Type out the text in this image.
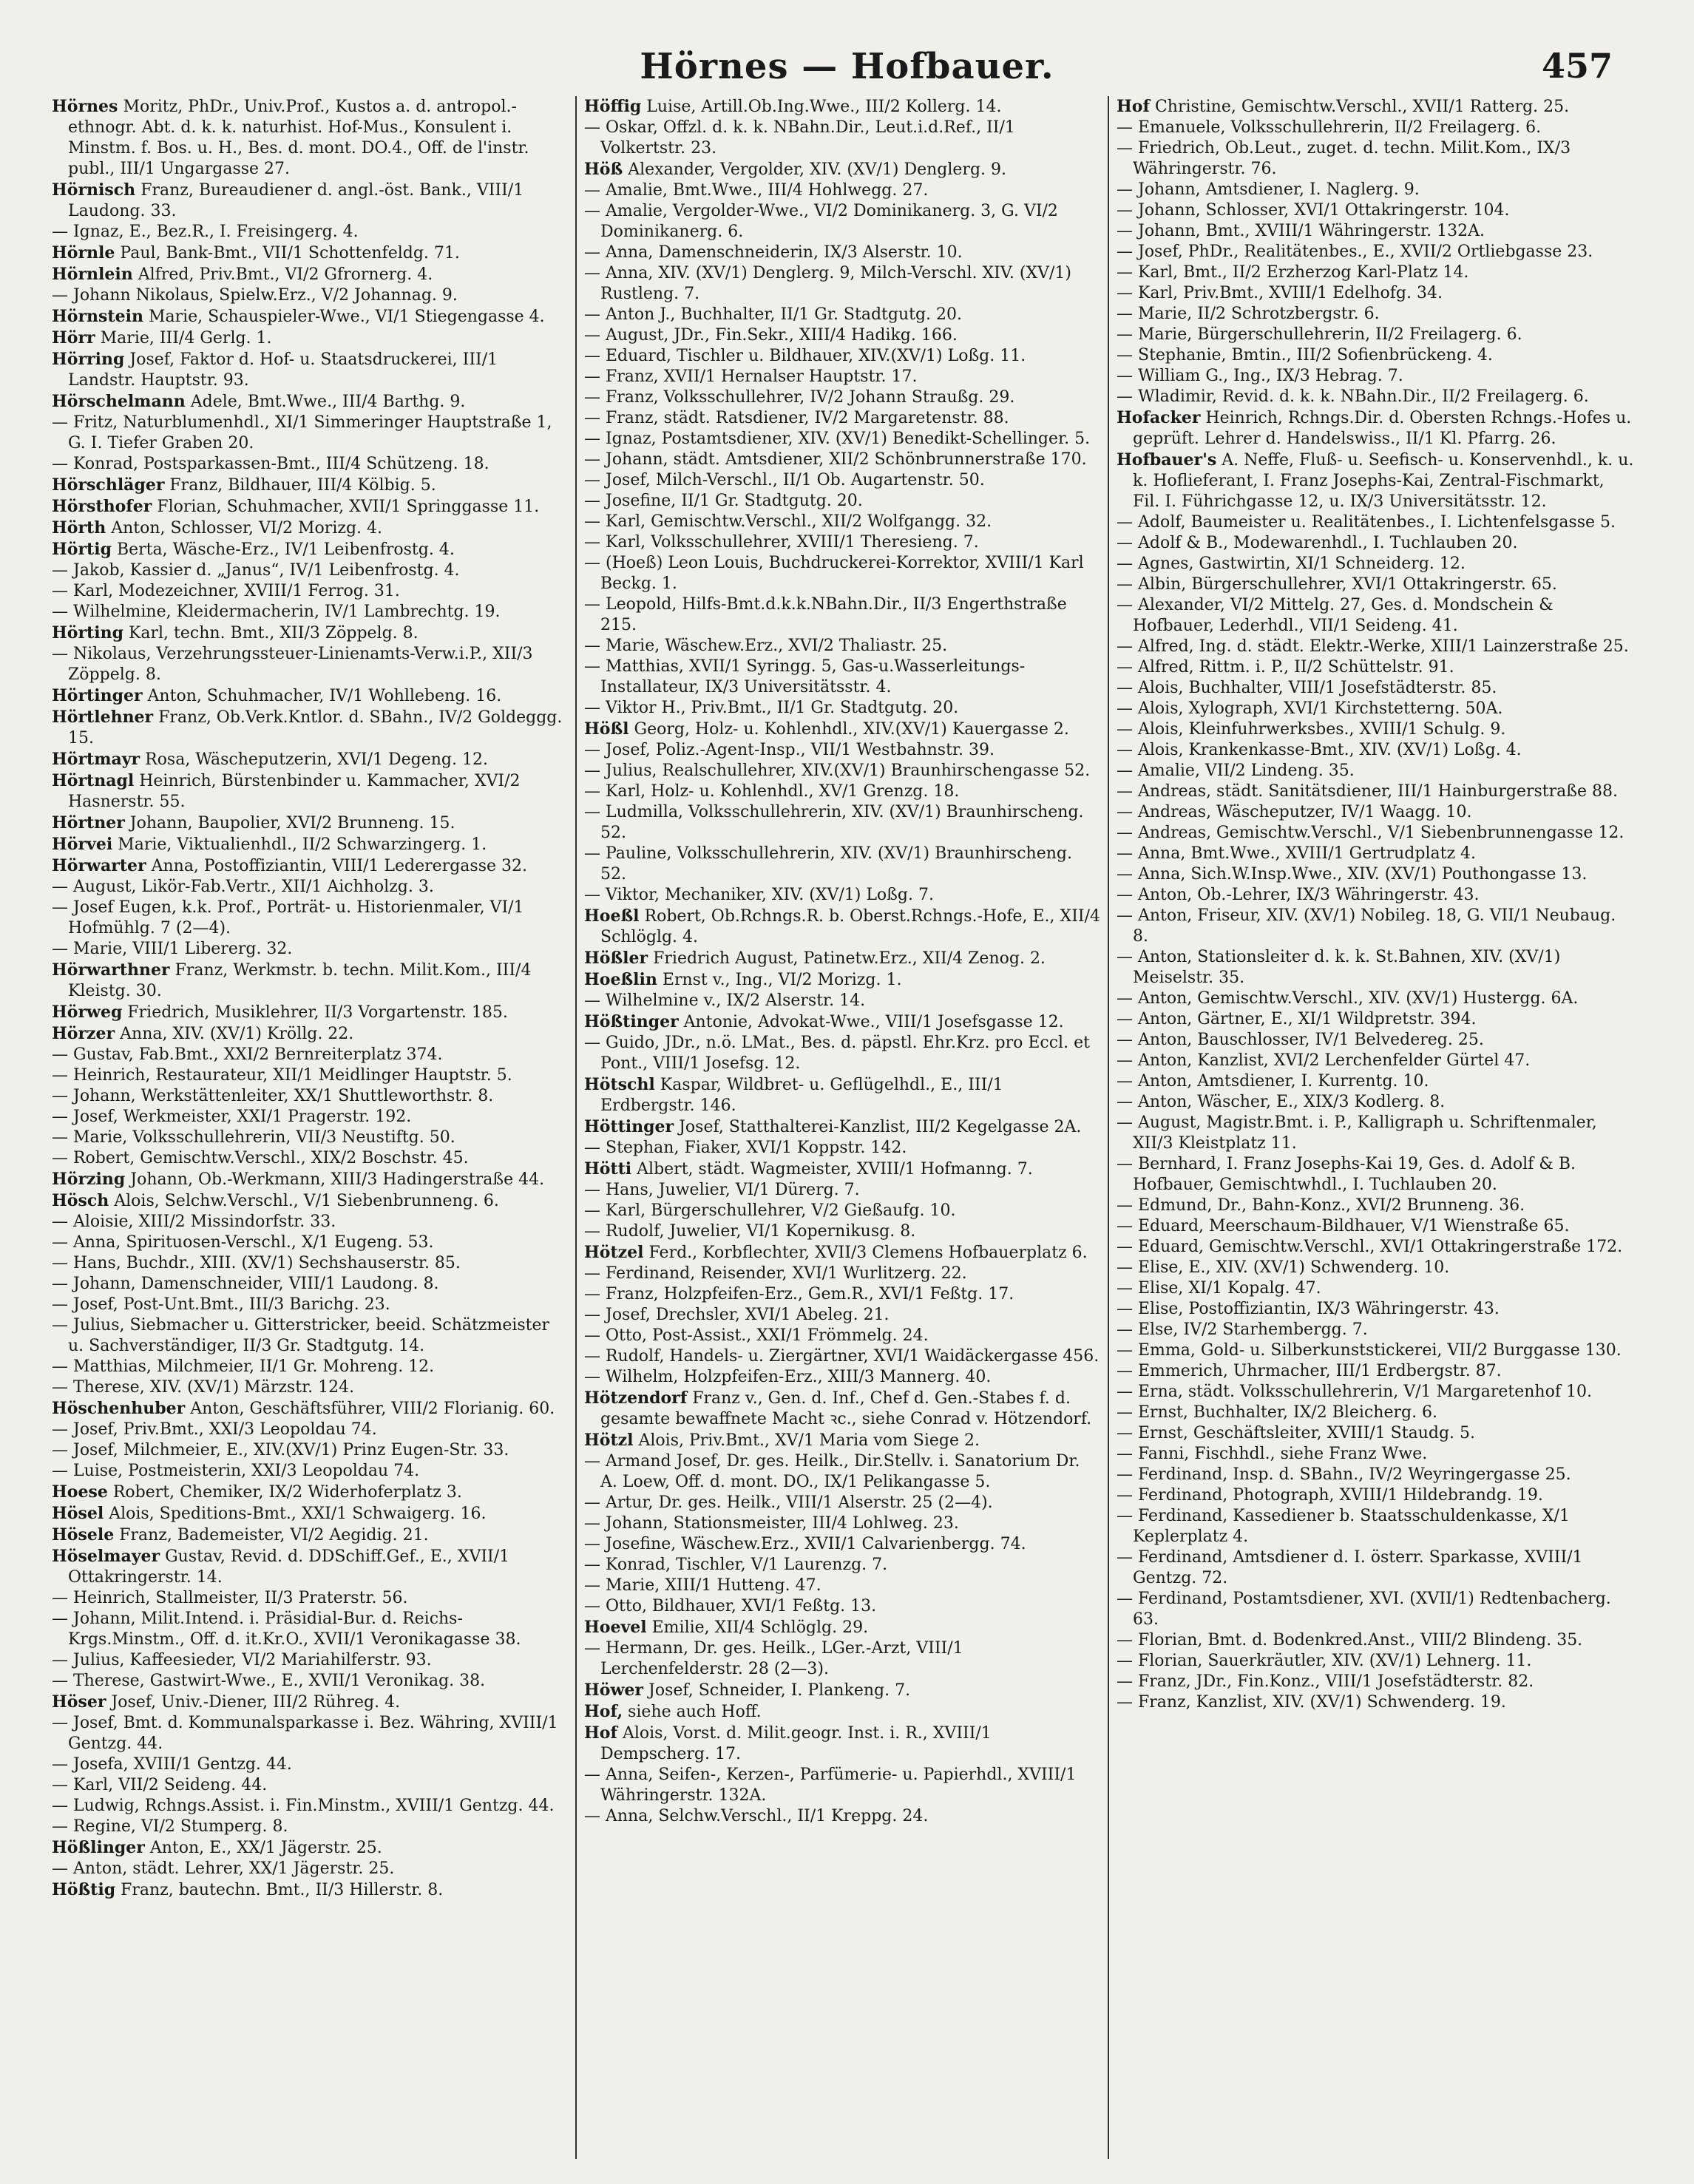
Hörnes — Hofbauer.	457

Hörnes Moritz, PhDr., Univ.Prof., Kustos a. d. antropol.-ethnogr. Abt. d. k. k. naturhist. Hof-Mus., Konsulent i. Minstm. f. Bos. u. H., Bes. d. mont. DO.4., Off. de l'instr. publ., III/1 Ungargasse 27.

Hörnisch Franz, Bureaudiener d. angl.-öst. Bank., VIII/1 Laudong. 33.

— Ignaz, E., Bez.R., I. Freisingerg. 4.

Hörnle Paul, Bank-Bmt., VII/1 Schottenfeldg. 71.

Hörnlein Alfred, Priv.Bmt., VI/2 Gfrornerg. 4.

— Johann Nikolaus, Spielw.Erz., V/2 Johannag. 9.

Hörnstein Marie, Schauspieler-Wwe., VI/1 Stiegengasse 4.

Hörr Marie, III/4 Gerlg. 1.

Hörring Josef, Faktor d. Hof- u. Staatsdruckerei, III/1 Landstr. Hauptstr. 93.

Hörschelmann Adele, Bmt.Wwe., III/4 Barthg. 9.

— Fritz, Naturblumenhdl., XI/1 Simmeringer Hauptstraße 1, G. I. Tiefer Graben 20.

— Konrad, Postsparkassen-Bmt., III/4 Schützeng. 18.

Hörschläger Franz, Bildhauer, III/4 Kölbig. 5.

Hörsthofer Florian, Schuhmacher, XVII/1 Springgasse 11.

Hörth Anton, Schlosser, VI/2 Morizg. 4.

Hörtig Berta, Wäsche-Erz., IV/1 Leibenfrostg. 4.

— Jakob, Kassier d. „Janus“, IV/1 Leibenfrostg. 4.

— Karl, Modezeichner, XVIII/1 Ferrog. 31.

— Wilhelmine, Kleidermacherin, IV/1 Lambrechtg. 19.

Hörting Karl, techn. Bmt., XII/3 Zöppelg. 8.

— Nikolaus, Verzehrungssteuer-Linienamts-Verw.i.P., XII/3 Zöppelg. 8.

Hörtinger Anton, Schuhmacher, IV/1 Wohllebeng. 16.

Hörtlehner Franz, Ob.Verk.Kntlor. d. SBahn., IV/2 Goldeggg. 15.

Hörtmayr Rosa, Wäscheputzerin, XVI/1 Degeng. 12.

Hörtnagl Heinrich, Bürstenbinder u. Kammacher, XVI/2 Hasnerstr. 55.

Hörtner Johann, Baupolier, XVI/2 Brunneng. 15.

Hörvei Marie, Viktualienhdl., II/2 Schwarzingerg. 1.

Hörwarter Anna, Postoffiziantin, VIII/1 Lederergasse 32.

— August, Likör-Fab.Vertr., XII/1 Aichholzg. 3.

— Josef Eugen, k.k. Prof., Porträt- u. Historienmaler, VI/1 Hofmühlg. 7 (2—4).

— Marie, VIII/1 Libererg. 32.

Hörwarthner Franz, Werkmstr. b. techn. Milit.Kom., III/4 Kleistg. 30.

Hörweg Friedrich, Musiklehrer, II/3 Vorgartenstr. 185.

Hörzer Anna, XIV. (XV/1) Kröllg. 22.

— Gustav, Fab.Bmt., XXI/2 Bernreiterplatz 374.

— Heinrich, Restaurateur, XII/1 Meidlinger Hauptstr. 5.

— Johann, Werkstättenleiter, XX/1 Shuttleworthstr. 8.

— Josef, Werkmeister, XXI/1 Pragerstr. 192.

— Marie, Volksschullehrerin, VII/3 Neustiftg. 50.

— Robert, Gemischtw.Verschl., XIX/2 Boschstr. 45.

Hörzing Johann, Ob.-Werkmann, XIII/3 Hadingerstraße 44.

Hösch Alois, Selchw.Verschl., V/1 Siebenbrunneng. 6.

— Aloisie, XIII/2 Missindorfstr. 33.

— Anna, Spirituosen-Verschl., X/1 Eugeng. 53.

— Hans, Buchdr., XIII. (XV/1) Sechshauserstr. 85.

— Johann, Damenschneider, VIII/1 Laudong. 8.

— Josef, Post-Unt.Bmt., III/3 Barichg. 23.

— Julius, Siebmacher u. Gitterstricker, beeid. Schätzmeister u. Sachverständiger, II/3 Gr. Stadtgutg. 14.

— Matthias, Milchmeier, II/1 Gr. Mohreng. 12.

— Therese, XIV. (XV/1) Märzstr. 124.

Höschenhuber Anton, Geschäftsführer, VIII/2 Florianig. 60.

— Josef, Priv.Bmt., XXI/3 Leopoldau 74.

— Josef, Milchmeier, E., XIV.(XV/1) Prinz Eugen-Str. 33.

— Luise, Postmeisterin, XXI/3 Leopoldau 74.

Hoese Robert, Chemiker, IX/2 Widerhoferplatz 3.

Hösel Alois, Speditions-Bmt., XXI/1 Schwaigerg. 16.

Hösele Franz, Bademeister, VI/2 Aegidig. 21.

Höselmayer Gustav, Revid. d. DDSchiff.Gef., E., XVII/1 Ottakringerstr. 14.

— Heinrich, Stallmeister, II/3 Praterstr. 56.

— Johann, Milit.Intend. i. Präsidial-Bur. d. Reichs-Krgs.Minstm., Off. d. it.Kr.O., XVII/1 Veronikagasse 38.

— Julius, Kaffeesieder, VI/2 Mariahilferstr. 93.

— Therese, Gastwirt-Wwe., E., XVII/1 Veronikag. 38.

Höser Josef, Univ.-Diener, III/2 Rühreg. 4.

— Josef, Bmt. d. Kommunalsparkasse i. Bez. Währing, XVIII/1 Gentzg. 44.

— Josefa, XVIII/1 Gentzg. 44.

— Karl, VII/2 Seideng. 44.

— Ludwig, Rchngs.Assist. i. Fin.Minstm., XVIII/1 Gentzg. 44.

— Regine, VI/2 Stumperg. 8.

Hößlinger Anton, E., XX/1 Jägerstr. 25.

— Anton, städt. Lehrer, XX/1 Jägerstr. 25.

Hößtig Franz, bautechn. Bmt., II/3 Hillerstr. 8.

Höffig Luise, Artill.Ob.Ing.Wwe., III/2 Kollerg. 14.

— Oskar, Offzl. d. k. k. NBahn.Dir., Leut.i.d.Ref., II/1 Volkertstr. 23.

Höß Alexander, Vergolder, XIV. (XV/1) Denglerg. 9.

— Amalie, Bmt.Wwe., III/4 Hohlwegg. 27.

— Amalie, Vergolder-Wwe., VI/2 Dominikanerg. 3, G. VI/2 Dominikanerg. 6.

— Anna, Damenschneiderin, IX/3 Alserstr. 10.

— Anna, XIV. (XV/1) Denglerg. 9, Milch-Verschl. XIV. (XV/1) Rustleng. 7.

— Anton J., Buchhalter, II/1 Gr. Stadtgutg. 20.

— August, JDr., Fin.Sekr., XIII/4 Hadikg. 166.

— Eduard, Tischler u. Bildhauer, XIV.(XV/1) Loßg. 11.

— Franz, XVII/1 Hernalser Hauptstr. 17.

— Franz, Volksschullehrer, IV/2 Johann Straußg. 29.

— Franz, städt. Ratsdiener, IV/2 Margaretenstr. 88.

— Ignaz, Postamtsdiener, XIV. (XV/1) Benedikt-Schellinger. 5.

— Johann, städt. Amtsdiener, XII/2 Schönbrunnerstraße 170.

— Josef, Milch-Verschl., II/1 Ob. Augartenstr. 50.

— Josefine, II/1 Gr. Stadtgutg. 20.

— Karl, Gemischtw.Verschl., XII/2 Wolfgangg. 32.

— Karl, Volksschullehrer, XVIII/1 Theresieng. 7.

— (Hoeß) Leon Louis, Buchdruckerei-Korrektor, XVIII/1 Karl Beckg. 1.

— Leopold, Hilfs-Bmt.d.k.k.NBahn.Dir., II/3 Engerthstraße 215.

— Marie, Wäschew.Erz., XVI/2 Thaliastr. 25.

— Matthias, XVII/1 Syringg. 5, Gas-u.Wasserleitungs-Installateur, IX/3 Universitätsstr. 4.

— Viktor H., Priv.Bmt., II/1 Gr. Stadtgutg. 20.

Hößl Georg, Holz- u. Kohlenhdl., XIV.(XV/1) Kauergasse 2.

— Josef, Poliz.-Agent-Insp., VII/1 Westbahnstr. 39.

— Julius, Realschullehrer, XIV.(XV/1) Braunhirschengasse 52.

— Karl, Holz- u. Kohlenhdl., XV/1 Grenzg. 18.

— Ludmilla, Volksschullehrerin, XIV. (XV/1) Braunhirscheng. 52.

— Pauline, Volksschullehrerin, XIV. (XV/1) Braunhirscheng. 52.

— Viktor, Mechaniker, XIV. (XV/1) Loßg. 7.

Hoeßl Robert, Ob.Rchngs.R. b. Oberst.Rchngs.-Hofe, E., XII/4 Schlöglg. 4.

Hößler Friedrich August, Patinetw.Erz., XII/4 Zenog. 2.

Hoeßlin Ernst v., Ing., VI/2 Morizg. 1.

— Wilhelmine v., IX/2 Alserstr. 14.

Hößtinger Antonie, Advokat-Wwe., VIII/1 Josefsgasse 12.

— Guido, JDr., n.ö. LMat., Bes. d. päpstl. Ehr.Krz. pro Eccl. et Pont., VIII/1 Josefsg. 12.

Hötschl Kaspar, Wildbret- u. Geflügelhdl., E., III/1 Erdbergstr. 146.

Höttinger Josef, Statthalterei-Kanzlist, III/2 Kegelgasse 2A.

— Stephan, Fiaker, XVI/1 Koppstr. 142.

Hötti Albert, städt. Wagmeister, XVIII/1 Hofmanng. 7.

— Hans, Juwelier, VI/1 Dürerg. 7.

— Karl, Bürgerschullehrer, V/2 Gießaufg. 10.

— Rudolf, Juwelier, VI/1 Kopernikusg. 8.

Hötzel Ferd., Korbflechter, XVII/3 Clemens Hofbauerplatz 6.

— Ferdinand, Reisender, XVI/1 Wurlitzerg. 22.

— Franz, Holzpfeifen-Erz., Gem.R., XVI/1 Feßtg. 17.

— Josef, Drechsler, XVI/1 Abeleg. 21.

— Otto, Post-Assist., XXI/1 Frömmelg. 24.

— Rudolf, Handels- u. Ziergärtner, XVI/1 Waidäckergasse 456.

— Wilhelm, Holzpfeifen-Erz., XIII/3 Mannerg. 40.

Hötzendorf Franz v., Gen. d. Inf., Chef d. Gen.-Stabes f. d. gesamte bewaffnete Macht ꝛc., siehe Conrad v. Hötzendorf.

Hötzl Alois, Priv.Bmt., XV/1 Maria vom Siege 2.

— Armand Josef, Dr. ges. Heilk., Dir.Stellv. i. Sanatorium Dr. A. Loew, Off. d. mont. DO., IX/1 Pelikangasse 5.

— Artur, Dr. ges. Heilk., VIII/1 Alserstr. 25 (2—4).

— Johann, Stationsmeister, III/4 Lohlweg. 23.

— Josefine, Wäschew.Erz., XVII/1 Calvarienbergg. 74.

— Konrad, Tischler, V/1 Laurenzg. 7.

— Marie, XIII/1 Hutteng. 47.

— Otto, Bildhauer, XVI/1 Feßtg. 13.

Hoevel Emilie, XII/4 Schlöglg. 29.

— Hermann, Dr. ges. Heilk., LGer.-Arzt, VIII/1 Lerchenfelderstr. 28 (2—3).

Höwer Josef, Schneider, I. Plankeng. 7.

Hof, siehe auch Hoff.

Hof Alois, Vorst. d. Milit.geogr. Inst. i. R., XVIII/1 Dempscherg. 17.

— Anna, Seifen-, Kerzen-, Parfümerie- u. Papierhdl., XVIII/1 Währingerstr. 132A.

— Anna, Selchw.Verschl., II/1 Kreppg. 24.

Hof Christine, Gemischtw.Verschl., XVII/1 Ratterg. 25.

— Emanuele, Volksschullehrerin, II/2 Freilagerg. 6.

— Friedrich, Ob.Leut., zuget. d. techn. Milit.Kom., IX/3 Währingerstr. 76.

— Johann, Amtsdiener, I. Naglerg. 9.

— Johann, Schlosser, XVI/1 Ottakringerstr. 104.

— Johann, Bmt., XVIII/1 Währingerstr. 132A.

— Josef, PhDr., Realitätenbes., E., XVII/2 Ortliebgasse 23.

— Karl, Bmt., II/2 Erzherzog Karl-Platz 14.

— Karl, Priv.Bmt., XVIII/1 Edelhofg. 34.

— Marie, II/2 Schrotzbergstr. 6.

— Marie, Bürgerschullehrerin, II/2 Freilagerg. 6.

— Stephanie, Bmtin., III/2 Sofienbrückeng. 4.

— William G., Ing., IX/3 Hebrag. 7.

— Wladimir, Revid. d. k. k. NBahn.Dir., II/2 Freilagerg. 6.

Hofacker Heinrich, Rchngs.Dir. d. Obersten Rchngs.-Hofes u. geprüft. Lehrer d. Handelswiss., II/1 Kl. Pfarrg. 26.

Hofbauer's A. Neffe, Fluß- u. Seefisch- u. Konservenhdl., k. u. k. Hoflieferant, I. Franz Josephs-Kai, Zentral-Fischmarkt, Fil. I. Führichgasse 12, u. IX/3 Universitätsstr. 12.

— Adolf, Baumeister u. Realitätenbes., I. Lichtenfelsgasse 5.

— Adolf & B., Modewarenhdl., I. Tuchlauben 20.

— Agnes, Gastwirtin, XI/1 Schneiderg. 12.

— Albin, Bürgerschullehrer, XVI/1 Ottakringerstr. 65.

— Alexander, VI/2 Mittelg. 27, Ges. d. Mondschein & Hofbauer, Lederhdl., VII/1 Seideng. 41.

— Alfred, Ing. d. städt. Elektr.-Werke, XIII/1 Lainzerstraße 25.

— Alfred, Rittm. i. P., II/2 Schüttelstr. 91.

— Alois, Buchhalter, VIII/1 Josefstädterstr. 85.

— Alois, Xylograph, XVI/1 Kirchstetterng. 50A.

— Alois, Kleinfuhrwerksbes., XVIII/1 Schulg. 9.

— Alois, Krankenkasse-Bmt., XIV. (XV/1) Loßg. 4.

— Amalie, VII/2 Lindeng. 35.

— Andreas, städt. Sanitätsdiener, III/1 Hainburgerstraße 88.

— Andreas, Wäscheputzer, IV/1 Waagg. 10.

— Andreas, Gemischtw.Verschl., V/1 Siebenbrunnengasse 12.

— Anna, Bmt.Wwe., XVIII/1 Gertrudplatz 4.

— Anna, Sich.W.Insp.Wwe., XIV. (XV/1) Pouthongasse 13.

— Anton, Ob.-Lehrer, IX/3 Währingerstr. 43.

— Anton, Friseur, XIV. (XV/1) Nobileg. 18, G. VII/1 Neubaug. 8.

— Anton, Stationsleiter d. k. k. St.Bahnen, XIV. (XV/1) Meiselstr. 35.

— Anton, Gemischtw.Verschl., XIV. (XV/1) Hustergg. 6A.

— Anton, Gärtner, E., XI/1 Wildpretstr. 394.

— Anton, Bauschlosser, IV/1 Belvedereg. 25.

— Anton, Kanzlist, XVI/2 Lerchenfelder Gürtel 47.

— Anton, Amtsdiener, I. Kurrentg. 10.

— Anton, Wäscher, E., XIX/3 Kodlerg. 8.

— August, Magistr.Bmt. i. P., Kalligraph u. Schriftenmaler, XII/3 Kleistplatz 11.

— Bernhard, I. Franz Josephs-Kai 19, Ges. d. Adolf & B. Hofbauer, Gemischtwhdl., I. Tuchlauben 20.

— Edmund, Dr., Bahn-Konz., XVI/2 Brunneng. 36.

— Eduard, Meerschaum-Bildhauer, V/1 Wienstraße 65.

— Eduard, Gemischtw.Verschl., XVI/1 Ottakringerstraße 172.

— Elise, E., XIV. (XV/1) Schwenderg. 10.

— Elise, XI/1 Kopalg. 47.

— Elise, Postoffiziantin, IX/3 Währingerstr. 43.

— Else, IV/2 Starhembergg. 7.

— Emma, Gold- u. Silberkunststickerei, VII/2 Burggasse 130.

— Emmerich, Uhrmacher, III/1 Erdbergstr. 87.

— Erna, städt. Volksschullehrerin, V/1 Margaretenhof 10.

— Ernst, Buchhalter, IX/2 Bleicherg. 6.

— Ernst, Geschäftsleiter, XVIII/1 Staudg. 5.

— Fanni, Fischhdl., siehe Franz Wwe.

— Ferdinand, Insp. d. SBahn., IV/2 Weyringergasse 25.

— Ferdinand, Photograph, XVIII/1 Hildebrandg. 19.

— Ferdinand, Kassediener b. Staatsschuldenkasse, X/1 Keplerplatz 4.

— Ferdinand, Amtsdiener d. I. österr. Sparkasse, XVIII/1 Gentzg. 72.

— Ferdinand, Postamtsdiener, XVI. (XVII/1) Redtenbacherg. 63.

— Florian, Bmt. d. Bodenkred.Anst., VIII/2 Blindeng. 35.

— Florian, Sauerkräutler, XIV. (XV/1) Lehnerg. 11.

— Franz, JDr., Fin.Konz., VIII/1 Josefstädterstr. 82.

— Franz, Kanzlist, XIV. (XV/1) Schwenderg. 19.
